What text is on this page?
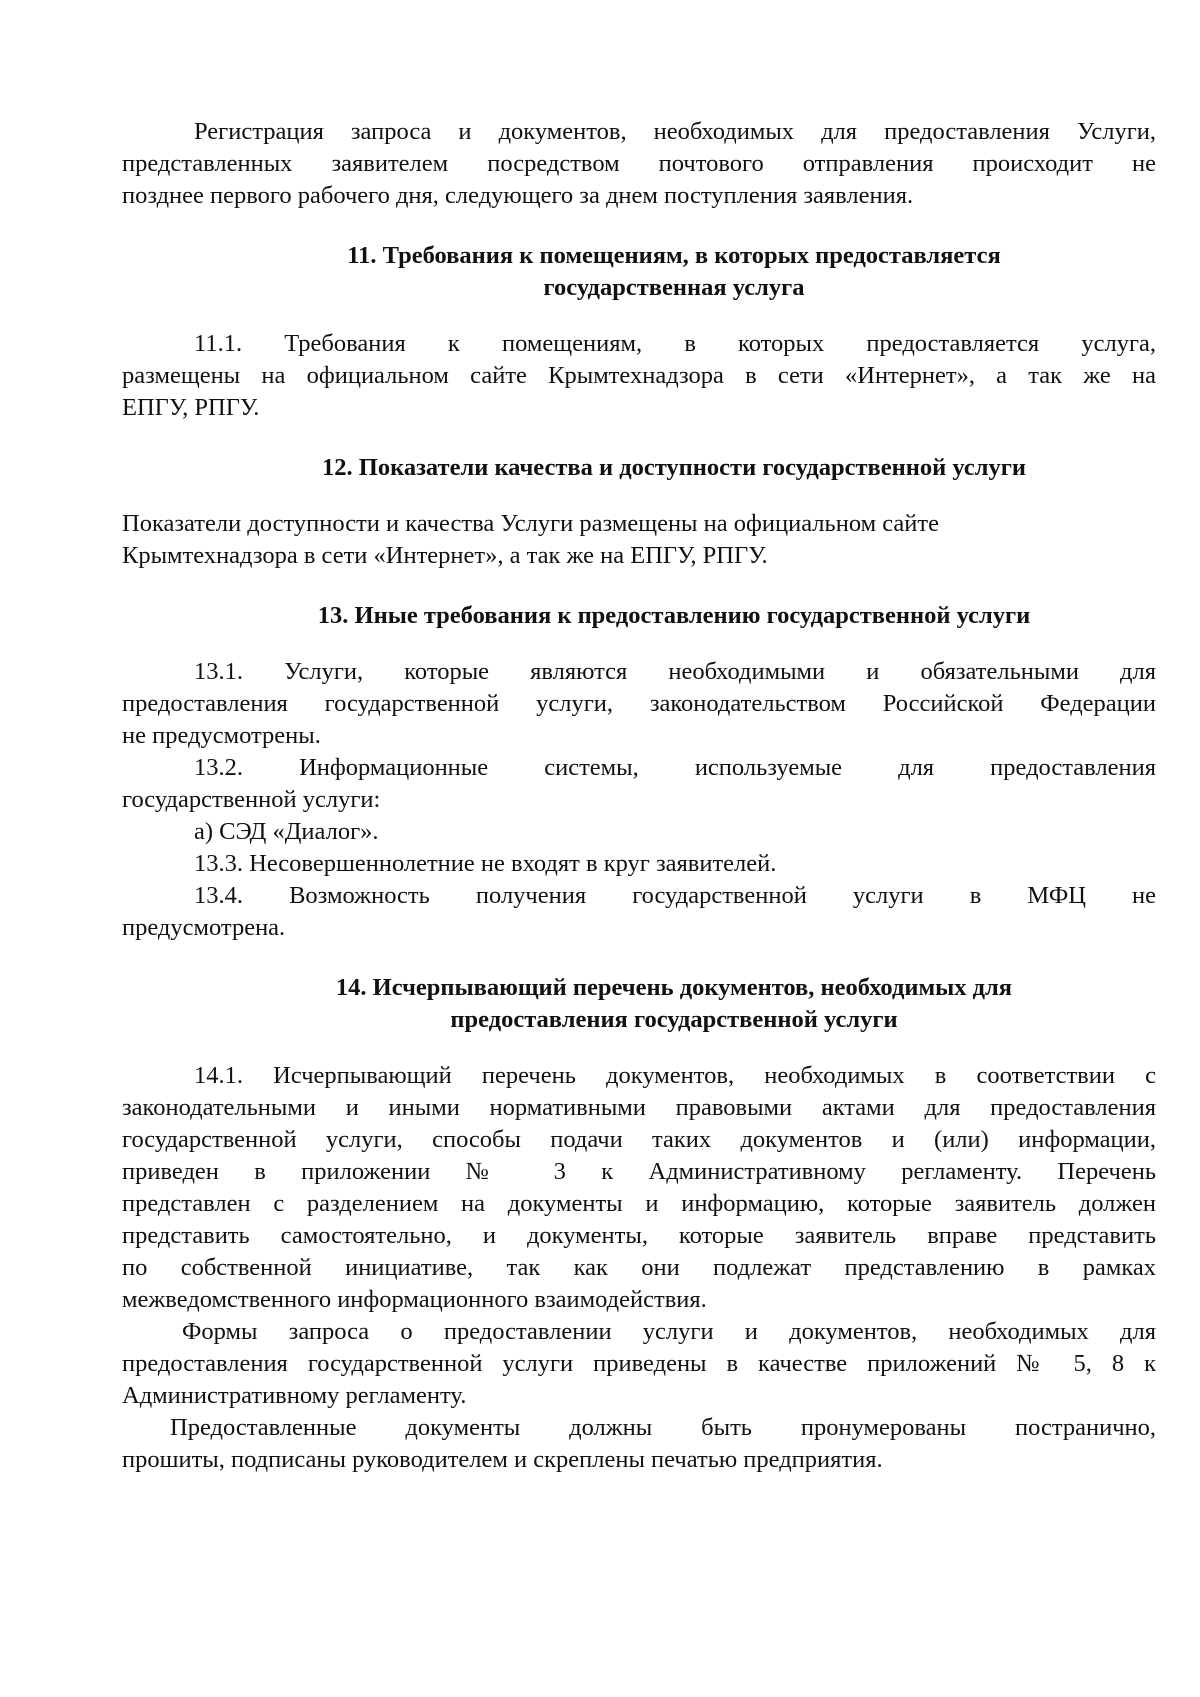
Регистрация запроса и документов, необходимых для предоставления Услуги,
представленных заявителем посредством почтового отправления происходит не
позднее первого рабочего дня, следующего за днем поступления заявления.
11. Требования к помещениям, в которых предоставляется
государственная услуга
11.1. Требования к помещениям, в которых предоставляется услуга,
размещены на официальном сайте Крымтехнадзора в сети «Интернет», а так же на
ЕПГУ, РПГУ.
12. Показатели качества и доступности государственной услуги
Показатели доступности и качества Услуги размещены на официальном сайте
Крымтехнадзора в сети «Интернет», а так же на ЕПГУ, РПГУ.
13. Иные требования к предоставлению государственной услуги
13.1. Услуги, которые являются необходимыми и обязательными для
предоставления государственной услуги, законодательством Российской Федерации
не предусмотрены.
13.2. Информационные системы, используемые для предоставления
государственной услуги:
а) СЭД «Диалог».
13.3. Несовершеннолетние не входят в круг заявителей.
13.4. Возможность получения государственной услуги в МФЦ не
предусмотрена.
14. Исчерпывающий перечень документов, необходимых для
предоставления государственной услуги
14.1. Исчерпывающий перечень документов, необходимых в соответствии с
законодательными и иными нормативными правовыми актами для предоставления
государственной услуги, способы подачи таких документов и (или) информации,
приведен в приложении № 3 к Административному регламенту. Перечень
представлен с разделением на документы и информацию, которые заявитель должен
представить самостоятельно, и документы, которые заявитель вправе представить
по собственной инициативе, так как они подлежат представлению в рамках
межведомственного информационного взаимодействия.
Формы запроса о предоставлении услуги и документов, необходимых для
предоставления государственной услуги приведены в качестве приложений № 5, 8 к
Административному регламенту.
Предоставленные документы должны быть пронумерованы постранично,
прошиты, подписаны руководителем и скреплены печатью предприятия.
